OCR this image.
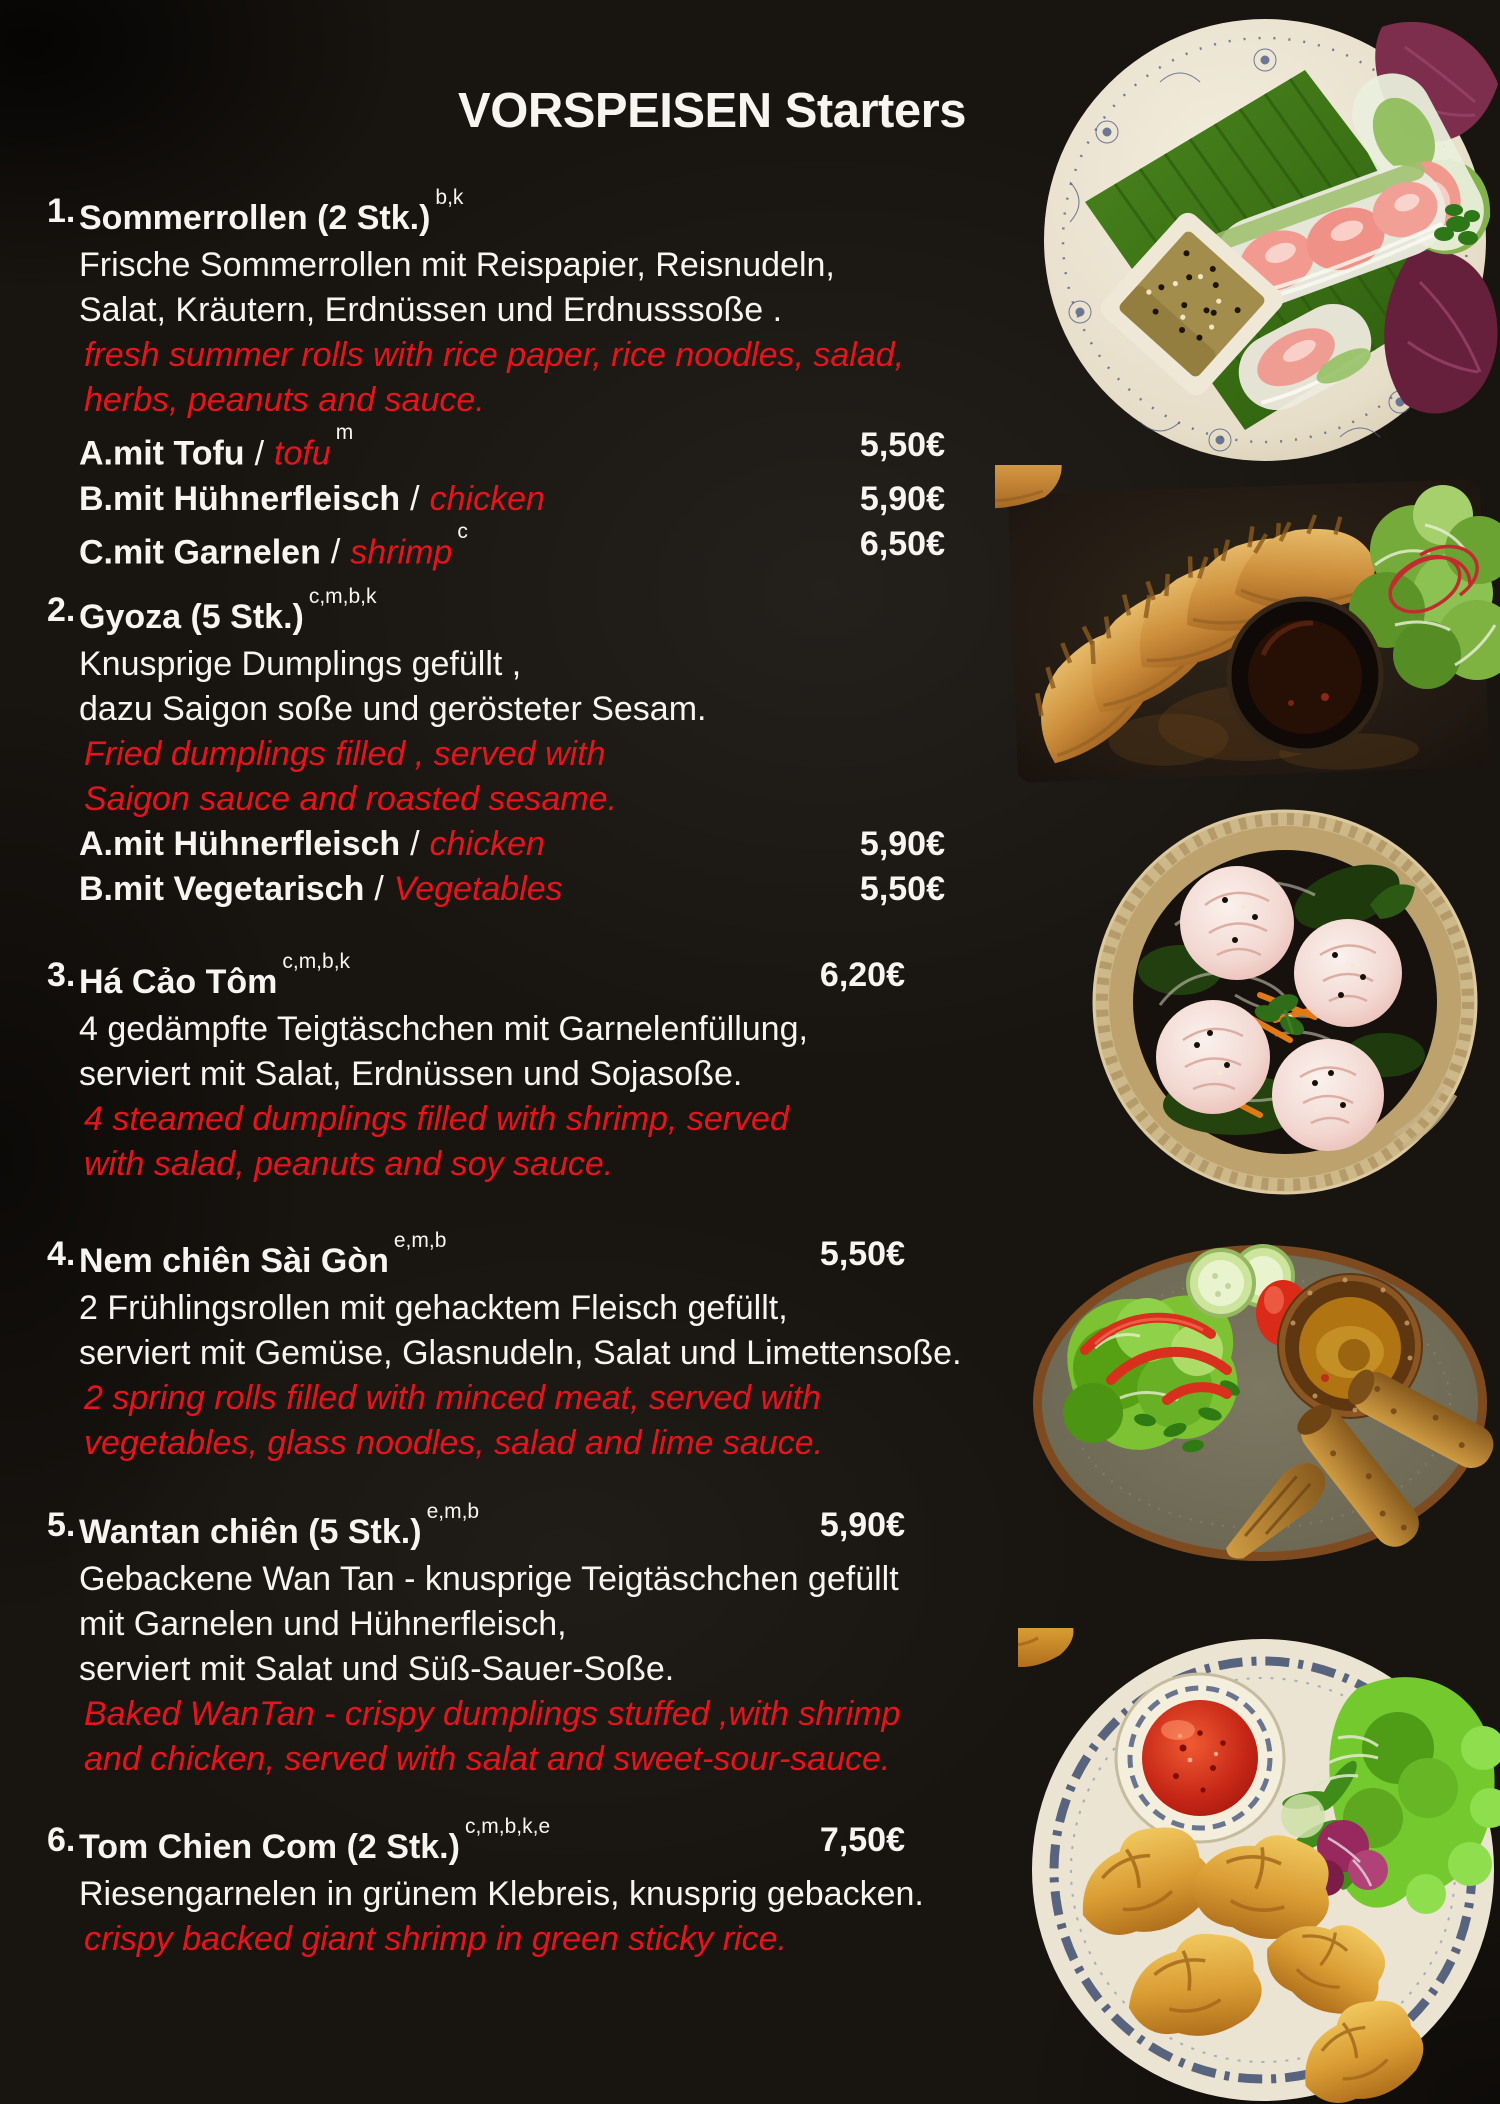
VORSPEISEN Starters
1. Sommerrollen (2 Stk.)$^{b,k}$
Frische Sommerrollen mit Reispapier, Reisnudeln,
Salat, Kräutern, Erdnüssen und Erdnusssoße .
fresh summer rolls with rice paper, rice noodles, salad,
herbs, peanuts and sauce.
A.mit Tofu / tofu$^m$	5,50€
B.mit Hühnerfleisch / chicken	5,90€
C.mit Garnelen / shrimp$^c$	6,50€
2. Gyoza (5 Stk.)$^{c,m,b,k}$
Knusprige Dumplings gefüllt ,
dazu Saigon soße und gerösteter Sesam.
Fried dumplings filled , served with
Saigon sauce and roasted sesame.
A.mit Hühnerfleisch / chicken	5,90€
B.mit Vegetarisch / Vegetables	5,50€
3. Há Cảo Tôm$^{c,m,b,k}$	6,20€
4 gedämpfte Teigtäschchen mit Garnelenfüllung,
serviert mit Salat, Erdnüssen und Sojasoße.
4 steamed dumplings filled with shrimp, served
with salad, peanuts and soy sauce.
4. Nem chiên Sài Gòn$^{e,m,b}$	5,50€
2 Frühlingsrollen mit gehacktem Fleisch gefüllt,
serviert mit Gemüse, Glasnudeln, Salat und Limettensoße.
2 spring rolls filled with minced meat, served with
vegetables, glass noodles, salad and lime sauce.
5. Wantan chiên (5 Stk.)$^{e,m,b}$	5,90€
Gebackene Wan Tan - knusprige Teigtäschchen gefüllt
mit Garnelen und Hühnerfleisch,
serviert mit Salat und Süß-Sauer-Soße.
Baked WanTan - crispy dumplings stuffed ,with shrimp
and chicken, served with salat and sweet-sour-sauce.
6. Tom Chien Com (2 Stk.)$^{c,m,b,k,e}$	7,50€
Riesengarnelen in grünem Klebreis, knusprig gebacken.
crispy backed giant shrimp in green sticky rice.
